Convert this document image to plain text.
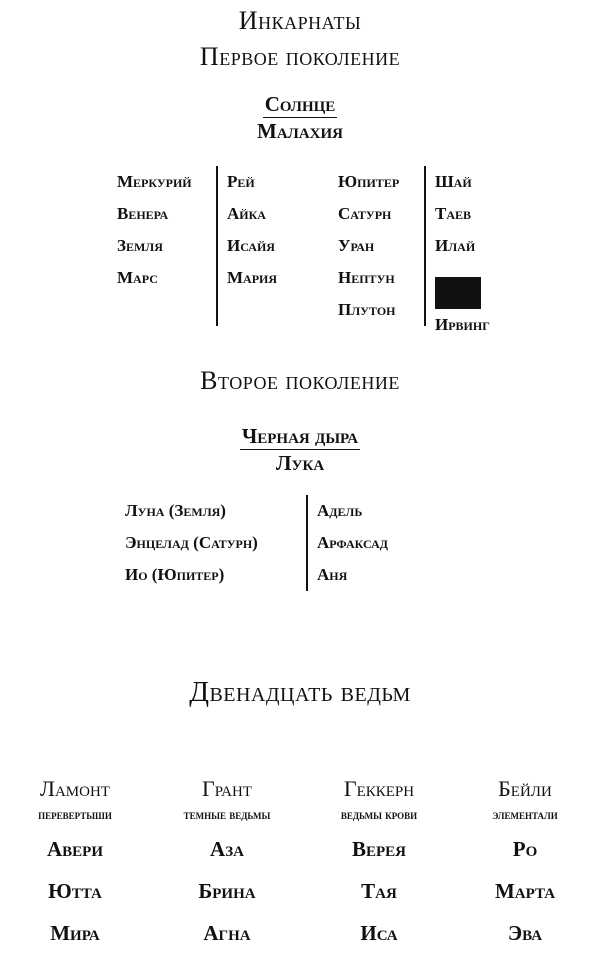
Инкарнаты
Первое поколение
Солнце
Малахия
Меркурий
Венера
Земля
Марс
Рей
Айка
Исайя
Мария
Юпитер
Сатурн
Уран
Нептун
Плутон
Шай
Таев
Илай
Ирвинг
Второе поколение
Черная дыра
Лука
Луна (Земля)
Энцелад (Сатурн)
Ио (Юпитер)
Адель
Арфаксад
Аня
Двенадцать ведьм
Ламонт
перевертыши
Авери
Ютта
Мира
Грант
темные ведьмы
Аза
Брина
Агна
Геккерн
ведьмы крови
Верея
Тая
Иса
Бейли
элементали
Ро
Марта
Эва
